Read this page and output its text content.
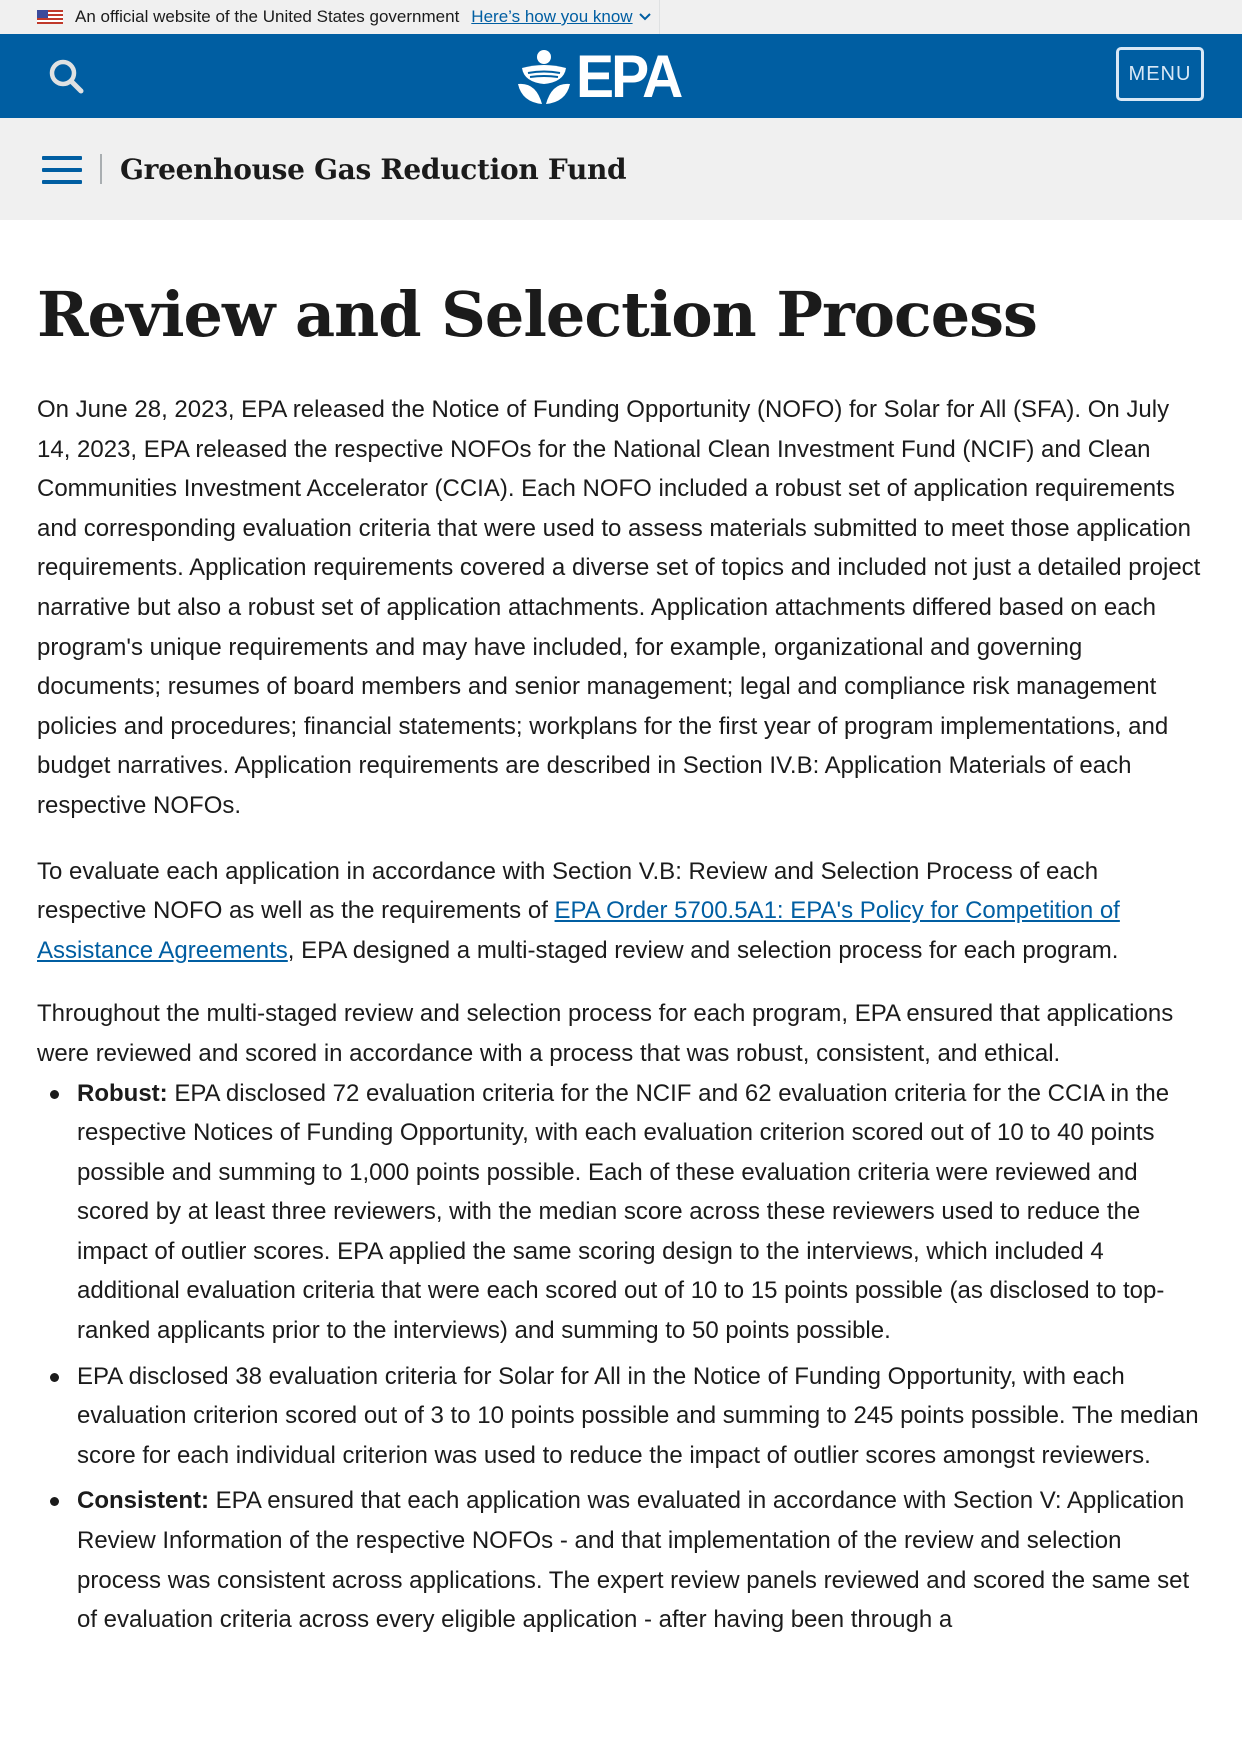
An official website of the United States government Here’s how you know
EPA	MENU
Greenhouse Gas Reduction Fund
Review and Selection Process

On June 28, 2023, EPA released the Notice of Funding Opportunity (NOFO) for Solar for All (SFA). On July 14, 2023, EPA released the respective NOFOs for the National Clean Investment Fund (NCIF) and Clean Communities Investment Accelerator (CCIA). Each NOFO included a robust set of application requirements and corresponding evaluation criteria that were used to assess materials submitted to meet those application requirements. Application requirements covered a diverse set of topics and included not just a detailed project narrative but also a robust set of application attachments. Application attachments differed based on each program's unique requirements and may have included, for example, organizational and governing documents; resumes of board members and senior management; legal and compliance risk management policies and procedures; financial statements; workplans for the first year of program implementations, and budget narratives. Application requirements are described in Section IV.B: Application Materials of each respective NOFOs.

To evaluate each application in accordance with Section V.B: Review and Selection Process of each respective NOFO as well as the requirements of EPA Order 5700.5A1: EPA's Policy for Competition of Assistance Agreements, EPA designed a multi-staged review and selection process for each program.

Throughout the multi-staged review and selection process for each program, EPA ensured that applications were reviewed and scored in accordance with a process that was robust, consistent, and ethical.

Robust: EPA disclosed 72 evaluation criteria for the NCIF and 62 evaluation criteria for the CCIA in the respective Notices of Funding Opportunity, with each evaluation criterion scored out of 10 to 40 points possible and summing to 1,000 points possible. Each of these evaluation criteria were reviewed and scored by at least three reviewers, with the median score across these reviewers used to reduce the impact of outlier scores. EPA applied the same scoring design to the interviews, which included 4 additional evaluation criteria that were each scored out of 10 to 15 points possible (as disclosed to top-ranked applicants prior to the interviews) and summing to 50 points possible.
EPA disclosed 38 evaluation criteria for Solar for All in the Notice of Funding Opportunity, with each evaluation criterion scored out of 3 to 10 points possible and summing to 245 points possible. The median score for each individual criterion was used to reduce the impact of outlier scores amongst reviewers.
Consistent: EPA ensured that each application was evaluated in accordance with Section V: Application Review Information of the respective NOFOs - and that implementation of the review and selection process was consistent across applications. The expert review panels reviewed and scored the same set of evaluation criteria across every eligible application - after having been through a
